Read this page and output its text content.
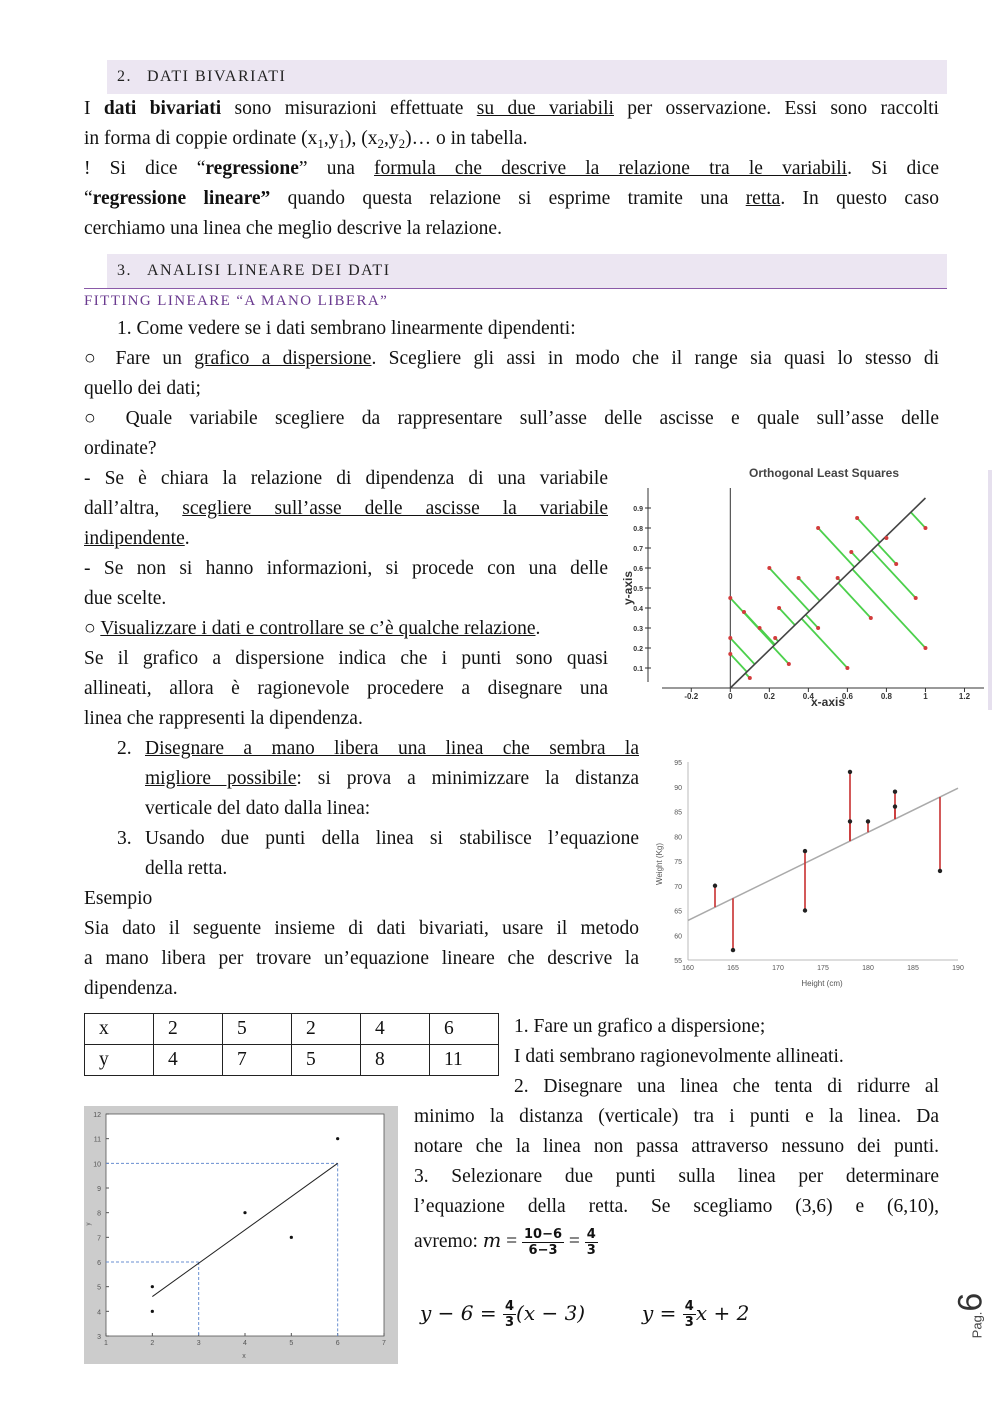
2. DATI BIVARIATI
I dati bivariati sono misurazioni effettuate su due variabili per osservazione. Essi sono raccolti
in forma di coppie ordinate $(x_1,y_1)$, $(x_2,y_2)\dots$ o in tabella.
! Si dice “regressione” una formula che descrive la relazione tra le variabili. Si dice
“regressione lineare” quando questa relazione si esprime tramite una retta. In questo caso
cerchiamo una linea che meglio descrive la relazione.
3. ANALISI LINEARE DEI DATI
FITTING LINEARE “A MANO LIBERA”
1. Come vedere se i dati sembrano linearmente dipendenti:
○ Fare un grafico a dispersione. Scegliere gli assi in modo che il range sia quasi lo stesso di
quello dei dati;
○ Quale variabile scegliere da rappresentare sull’asse delle ascisse e quale sull’asse delle
ordinate?
- Se è chiara la relazione di dipendenza di una variabile
dall’altra, scegliere sull’asse delle ascisse la variabile
indipendente.
- Se non si hanno informazioni, si procede con una delle
due scelte.
○ Visualizzare i dati e controllare se c’è qualche relazione.
Se il grafico a dispersione indica che i punti sono quasi
allineati, allora è ragionevole procedere a disegnare una
linea che rappresenti la dipendenza.
2. Disegnare a mano libera una linea che sembra la
migliore possibile: si prova a minimizzare la distanza
verticale del dato dalla linea:
3. Usando due punti della linea si stabilisce l’equazione
della retta.
Esempio
Sia dato il seguente insieme di dati bivariati, usare il metodo
a mano libera per trovare un’equazione lineare che descrive la
dipendenza.
x	2	5	2	4	6
y	4	7	5	8	11
1. Fare un grafico a dispersione;
I dati sembrano ragionevolmente allineati.
2. Disegnare una linea che tenta di ridurre al
minimo la distanza (verticale) tra i punti e la linea. Da
notare che la linea non passa attraverso nessuno dei punti.
3. Selezionare due punti sulla linea per determinare
l’equazione della retta. Se scegliamo (3,6) e (6,10),
avremo: $m = \frac{10-6}{6-3} = \frac{4}{3}$
$y - 6 = \frac{4}{3} (x - 3)$	$y = \frac{4}{3}$ x + 2	Pag.6
Orthogonal Least Squares
-0.2	0	0.2	0.4	0.6	0.8	1	1.2
0.1
0.2
0.3
0.4
0.5
0.6
0.7
0.8
0.9
x-axis
y-axis
160	165	170	175	180	185	190
55
60
65
70
75
80
85
90
95
Height (cm)
Weight (Kg)
1	2	3	4	5	6	7
3
4
5
6
7
8
9
10
11
12
x
y
